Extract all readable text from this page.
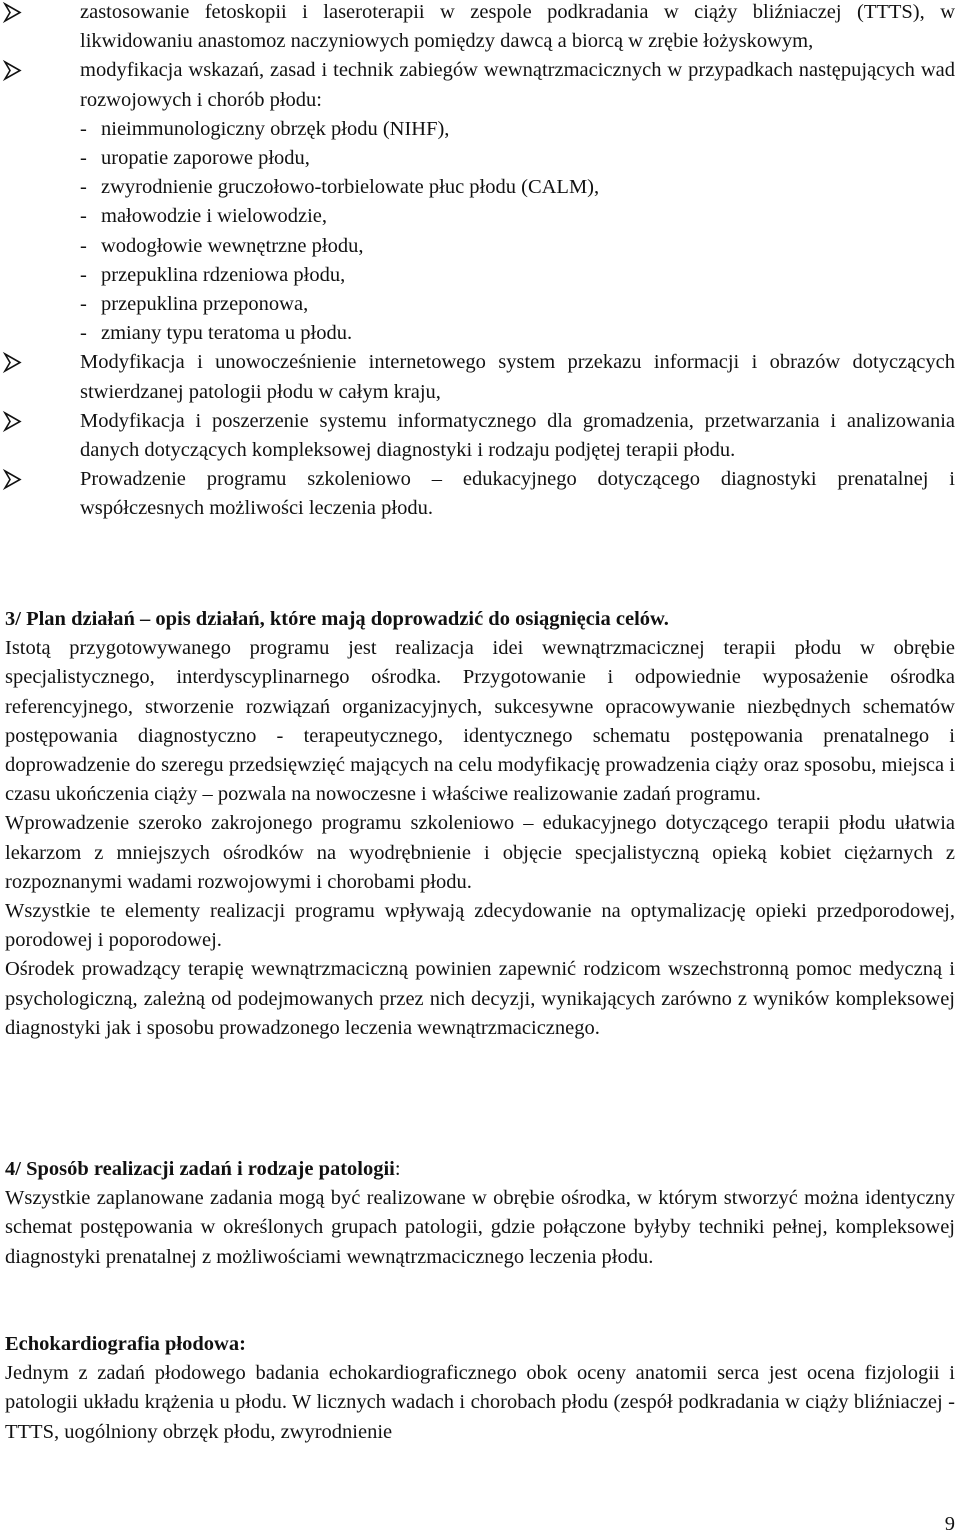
zastosowanie fetoskopii i laseroterapii w zespole podkradania w ciąży bliźniaczej (TTTS), w likwidowaniu anastomoz naczyniowych pomiędzy dawcą a biorcą w zrębie łożyskowym,
modyfikacja wskazań, zasad i technik zabiegów wewnątrzmacicznych w przypadkach następujących wad rozwojowych i chorób płodu:
- nieimmunologiczny obrzęk płodu (NIHF),
- uropatie zaporowe płodu,
- zwyrodnienie gruczołowo-torbielowate płuc płodu (CALM),
- małowodzie i wielowodzie,
- wodogłowie wewnętrzne płodu,
- przepuklina rdzeniowa płodu,
- przepuklina przeponowa,
- zmiany typu teratoma u płodu.
Modyfikacja i unowocześnienie internetowego system przekazu informacji i obrazów dotyczących stwierdzanej patologii płodu w całym kraju,
Modyfikacja i poszerzenie systemu informatycznego dla gromadzenia, przetwarzania i analizowania danych dotyczących kompleksowej diagnostyki i rodzaju podjętej terapii płodu.
Prowadzenie programu szkoleniowo – edukacyjnego dotyczącego diagnostyki prenatalnej i współczesnych możliwości leczenia płodu.

3/ Plan działań – opis działań, które mają doprowadzić do osiągnięcia celów.

Istotą przygotowywanego programu jest realizacja idei wewnątrzmacicznej terapii płodu w obrębie specjalistycznego, interdyscyplinarnego ośrodka. Przygotowanie i odpowiednie wyposażenie ośrodka referencyjnego, stworzenie rozwiązań organizacyjnych, sukcesywne opracowywanie niezbędnych schematów postępowania diagnostyczno - terapeutycznego, identycznego schematu postępowania prenatalnego i doprowadzenie do szeregu przedsięwzięć mających na celu modyfikację prowadzenia ciąży oraz sposobu, miejsca i czasu ukończenia ciąży – pozwala na nowoczesne i właściwe realizowanie zadań programu.

Wprowadzenie szeroko zakrojonego programu szkoleniowo – edukacyjnego dotyczącego terapii płodu ułatwia lekarzom z mniejszych ośrodków na wyodrębnienie i objęcie specjalistyczną opieką kobiet ciężarnych z rozpoznanymi wadami rozwojowymi i chorobami płodu.

Wszystkie te elementy realizacji programu wpływają zdecydowanie na optymalizację opieki przedporodowej, porodowej i poporodowej.

Ośrodek prowadzący terapię wewnątrzmaciczną powinien zapewnić rodzicom wszechstronną pomoc medyczną i psychologiczną, zależną od podejmowanych przez nich decyzji, wynikających zarówno z wyników kompleksowej diagnostyki jak i sposobu prowadzonego leczenia wewnątrzmacicznego.

4/ Sposób realizacji zadań i rodzaje patologii:

Wszystkie zaplanowane zadania mogą być realizowane w obrębie ośrodka, w którym stworzyć można identyczny schemat postępowania w określonych grupach patologii, gdzie połączone byłyby techniki pełnej, kompleksowej diagnostyki prenatalnej z możliwościami wewnątrzmacicznego leczenia płodu.

Echokardiografia płodowa:

Jednym z zadań płodowego badania echokardiograficznego obok oceny anatomii serca jest ocena fizjologii i patologii układu krążenia u płodu. W licznych wadach i chorobach płodu (zespół podkradania w ciąży bliźniaczej - TTTS, uogólniony obrzęk płodu, zwyrodnienie

9
